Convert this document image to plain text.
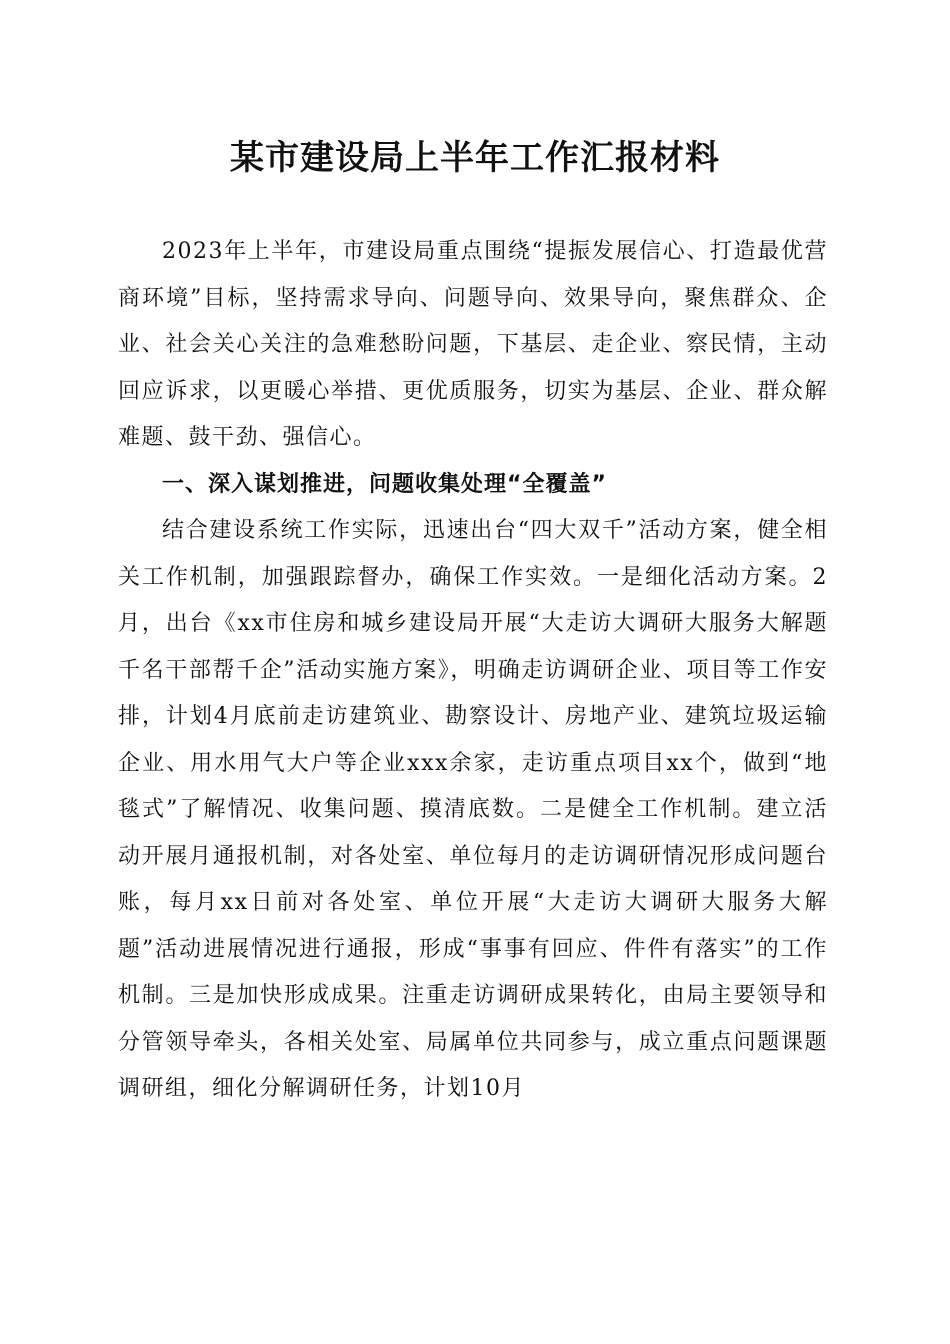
某市建设局上半年工作汇报材料

2023年上半年，市建设局重点围绕“提振发展信心、打造最优营商环境”目标，坚持需求导向、问题导向、效果导向，聚焦群众、企业、社会关心关注的急难愁盼问题，下基层、走企业、察民情，主动回应诉求，以更暖心举措、更优质服务，切实为基层、企业、群众解难题、鼓干劲、强信心。

一、深入谋划推进，问题收集处理“全覆盖”

结合建设系统工作实际，迅速出台“四大双千”活动方案，健全相关工作机制，加强跟踪督办，确保工作实效。一是细化活动方案。2月，出台《xx市住房和城乡建设局开展“大走访大调研大服务大解题千名干部帮千企”活动实施方案》，明确走访调研企业、项目等工作安排，计划4月底前走访建筑业、勘察设计、房地产业、建筑垃圾运输企业、用水用气大户等企业xxx余家，走访重点项目xx个，做到“地毯式”了解情况、收集问题、摸清底数。二是健全工作机制。建立活动开展月通报机制，对各处室、单位每月的走访调研情况形成问题台账，每月xx日前对各处室、单位开展“大走访大调研大服务大解题”活动进展情况进行通报，形成“事事有回应、件件有落实”的工作机制。三是加快形成成果。注重走访调研成果转化，由局主要领导和分管领导牵头，各相关处室、局属单位共同参与，成立重点问题课题调研组，细化分解调研任务，计划10月
